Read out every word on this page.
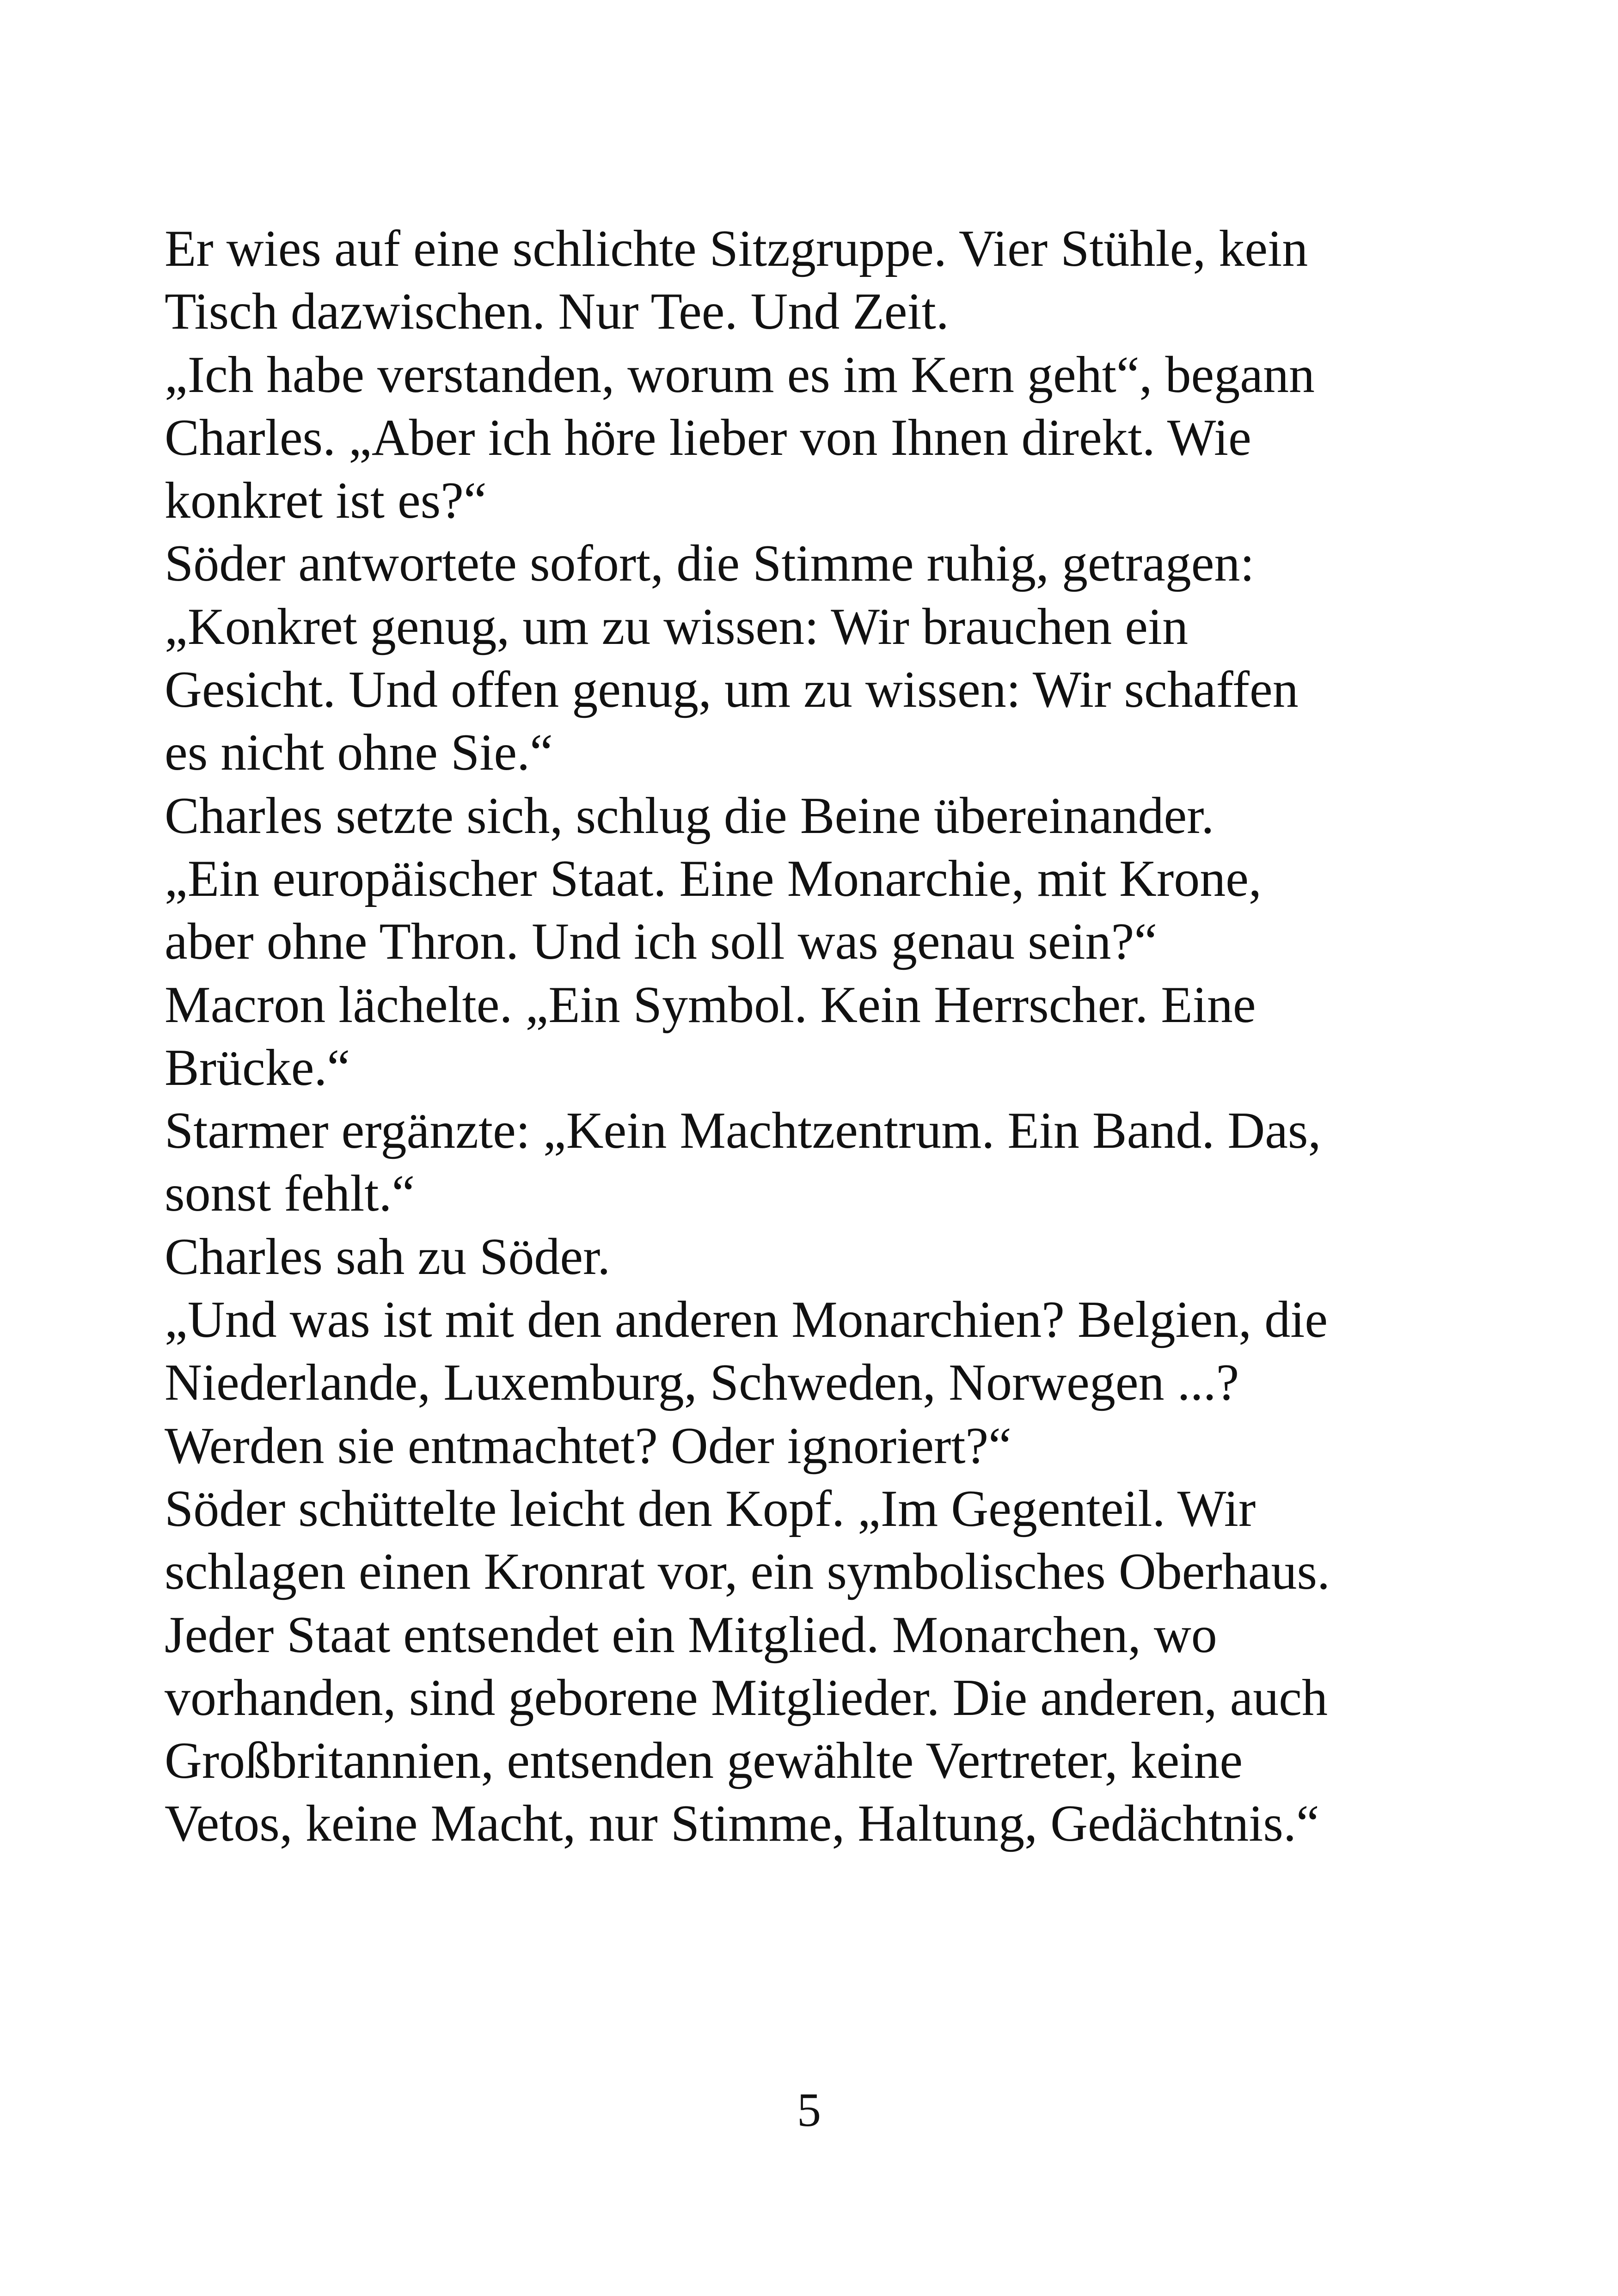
Er wies auf eine schlichte Sitzgruppe. Vier Stühle, kein
Tisch dazwischen. Nur Tee. Und Zeit.
„Ich habe verstanden, worum es im Kern geht“, begann
Charles. „Aber ich höre lieber von Ihnen direkt. Wie
konkret ist es?“
Söder antwortete sofort, die Stimme ruhig, getragen:
„Konkret genug, um zu wissen: Wir brauchen ein
Gesicht. Und offen genug, um zu wissen: Wir schaffen
es nicht ohne Sie.“
Charles setzte sich, schlug die Beine übereinander.
„Ein europäischer Staat. Eine Monarchie, mit Krone,
aber ohne Thron. Und ich soll was genau sein?“
Macron lächelte. „Ein Symbol. Kein Herrscher. Eine
Brücke.“
Starmer ergänzte: „Kein Machtzentrum. Ein Band. Das,
sonst fehlt.“
Charles sah zu Söder.
„Und was ist mit den anderen Monarchien? Belgien, die
Niederlande, Luxemburg, Schweden, Norwegen ...?
Werden sie entmachtet? Oder ignoriert?“
Söder schüttelte leicht den Kopf. „Im Gegenteil. Wir
schlagen einen Kronrat vor, ein symbolisches Oberhaus.
Jeder Staat entsendet ein Mitglied. Monarchen, wo
vorhanden, sind geborene Mitglieder. Die anderen, auch
Großbritannien, entsenden gewählte Vertreter, keine
Vetos, keine Macht, nur Stimme, Haltung, Gedächtnis.“
5
